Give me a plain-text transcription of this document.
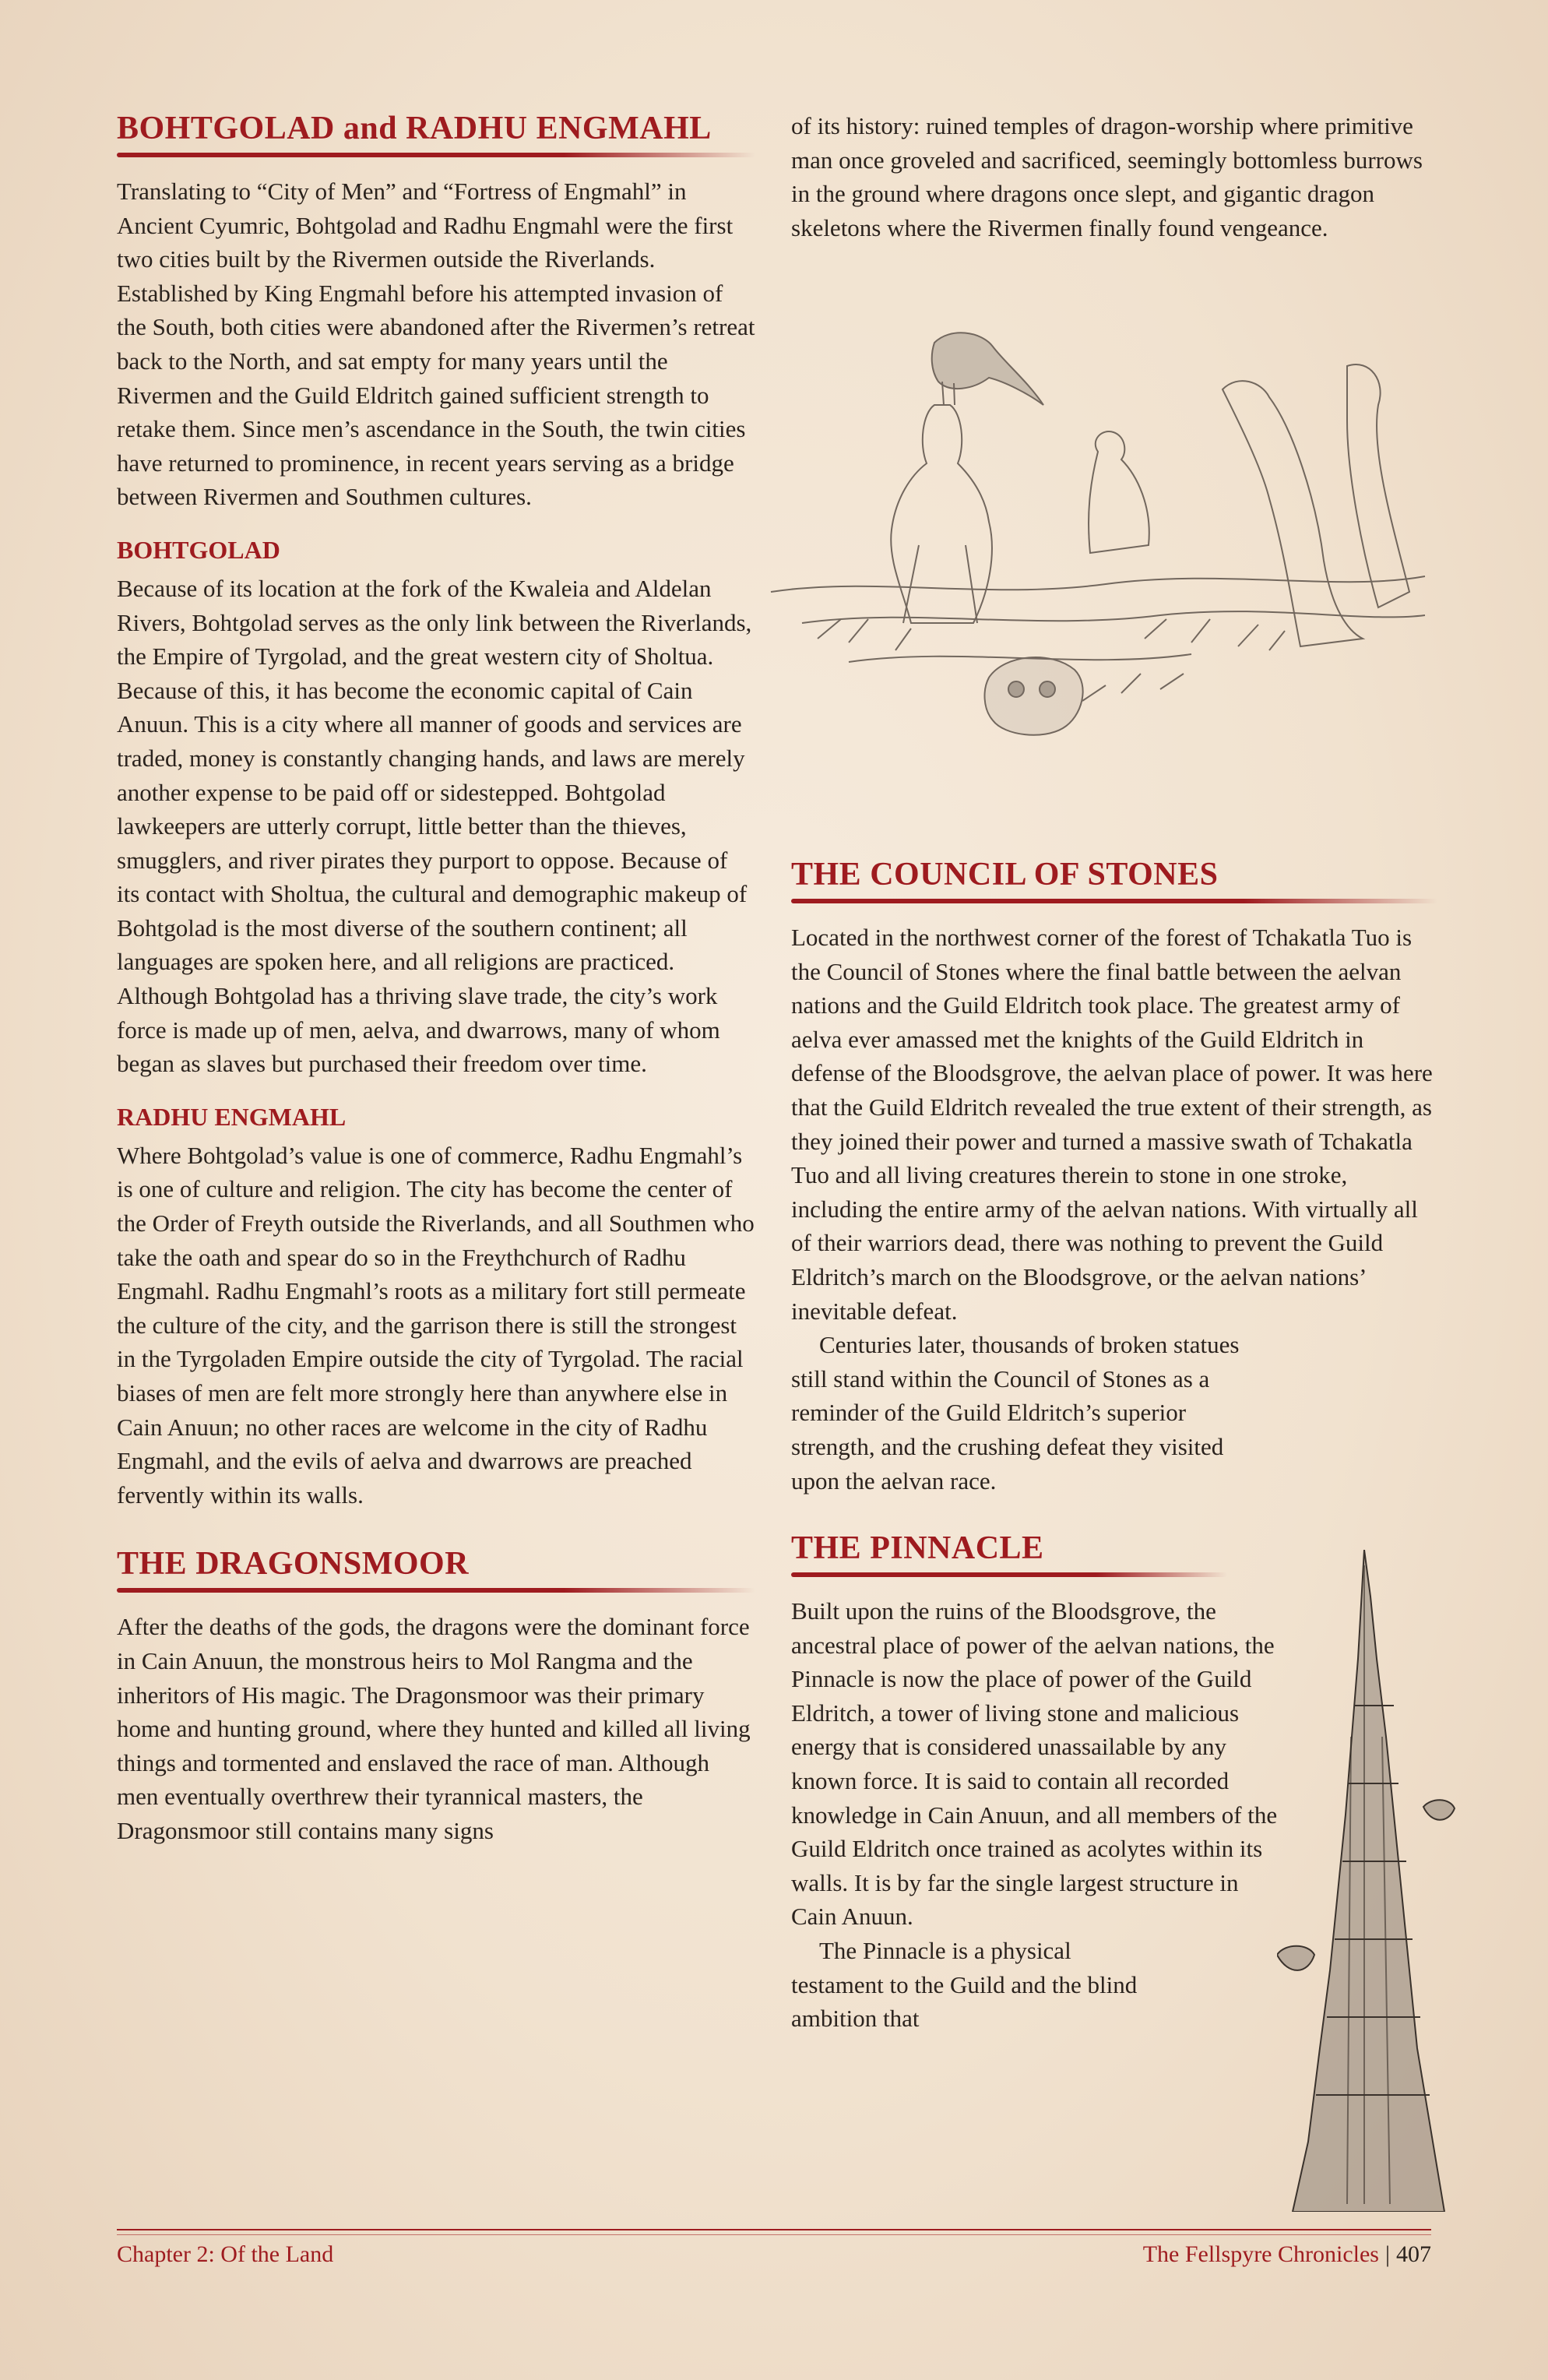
BOHTGOLAD and RADHU ENGMAHL

Translating to “City of Men” and “Fortress of Engmahl” in Ancient Cyumric, Bohtgolad and Radhu Engmahl were the first two cities built by the Rivermen outside the Riverlands. Established by King Engmahl before his attempted invasion of the South, both cities were abandoned after the Rivermen’s retreat back to the North, and sat empty for many years until the Rivermen and the Guild Eldritch gained sufficient strength to retake them. Since men’s ascendance in the South, the twin cities have returned to prominence, in recent years serving as a bridge between Rivermen and Southmen cultures.

BOHTGOLAD

Because of its location at the fork of the Kwaleia and Aldelan Rivers, Bohtgolad serves as the only link between the Riverlands, the Empire of Tyrgolad, and the great western city of Sholtua. Because of this, it has become the economic capital of Cain Anuun. This is a city where all manner of goods and services are traded, money is constantly changing hands, and laws are merely another expense to be paid off or sidestepped. Bohtgolad lawkeepers are utterly corrupt, little better than the thieves, smugglers, and river pirates they purport to oppose. Because of its contact with Sholtua, the cultural and demographic makeup of Bohtgolad is the most diverse of the southern continent; all languages are spoken here, and all religions are practiced. Although Bohtgolad has a thriving slave trade, the city’s work force is made up of men, aelva, and dwarrows, many of whom began as slaves but purchased their freedom over time.

RADHU ENGMAHL

Where Bohtgolad’s value is one of commerce, Radhu Engmahl’s is one of culture and religion. The city has become the center of the Order of Freyth outside the Riverlands, and all Southmen who take the oath and spear do so in the Freythchurch of Radhu Engmahl. Radhu Engmahl’s roots as a military fort still permeate the culture of the city, and the garrison there is still the strongest in the Tyrgoladen Empire outside the city of Tyrgolad. The racial biases of men are felt more strongly here than anywhere else in Cain Anuun; no other races are welcome in the city of Radhu Engmahl, and the evils of aelva and dwarrows are preached fervently within its walls.

THE DRAGONSMOOR

After the deaths of the gods, the dragons were the dominant force in Cain Anuun, the monstrous heirs to Mol Rangma and the inheritors of His magic. The Dragonsmoor was their primary home and hunting ground, where they hunted and killed all living things and tormented and enslaved the race of man. Although men eventually overthrew their tyrannical masters, the Dragonsmoor still contains many signs

of its history: ruined temples of dragon-worship where primitive man once groveled and sacrificed, seemingly bottomless burrows in the ground where dragons once slept, and gigantic dragon skeletons where the Rivermen finally found vengeance.

THE COUNCIL OF STONES

Located in the northwest corner of the forest of Tchakatla Tuo is the Council of Stones where the final battle between the aelvan nations and the Guild Eldritch took place. The greatest army of aelva ever amassed met the knights of the Guild Eldritch in defense of the Bloodsgrove, the aelvan place of power. It was here that the Guild Eldritch revealed the true extent of their strength, as they joined their power and turned a massive swath of Tchakatla Tuo and all living creatures therein to stone in one stroke, including the entire army of the aelvan nations. With virtually all of their warriors dead, there was nothing to prevent the Guild Eldritch’s march on the Bloodsgrove, or the aelvan nations’ inevitable defeat.

Centuries later, thousands of broken statues still stand within the Council of Stones as a reminder of the Guild Eldritch’s superior strength, and the crushing defeat they visited upon the aelvan race.

THE PINNACLE

Built upon the ruins of the Bloodsgrove, the ancestral place of power of the aelvan nations, the Pinnacle is now the place of power of the Guild Eldritch, a tower of living stone and malicious energy that is considered unassailable by any known force. It is said to contain all recorded knowledge in Cain Anuun, and all members of the Guild Eldritch once trained as acolytes within its walls. It is by far the single largest structure in Cain Anuun.

The Pinnacle is a physical testament to the Guild and the blind ambition that

Chapter 2: Of the Land	The Fellspyre Chronicles | 407
